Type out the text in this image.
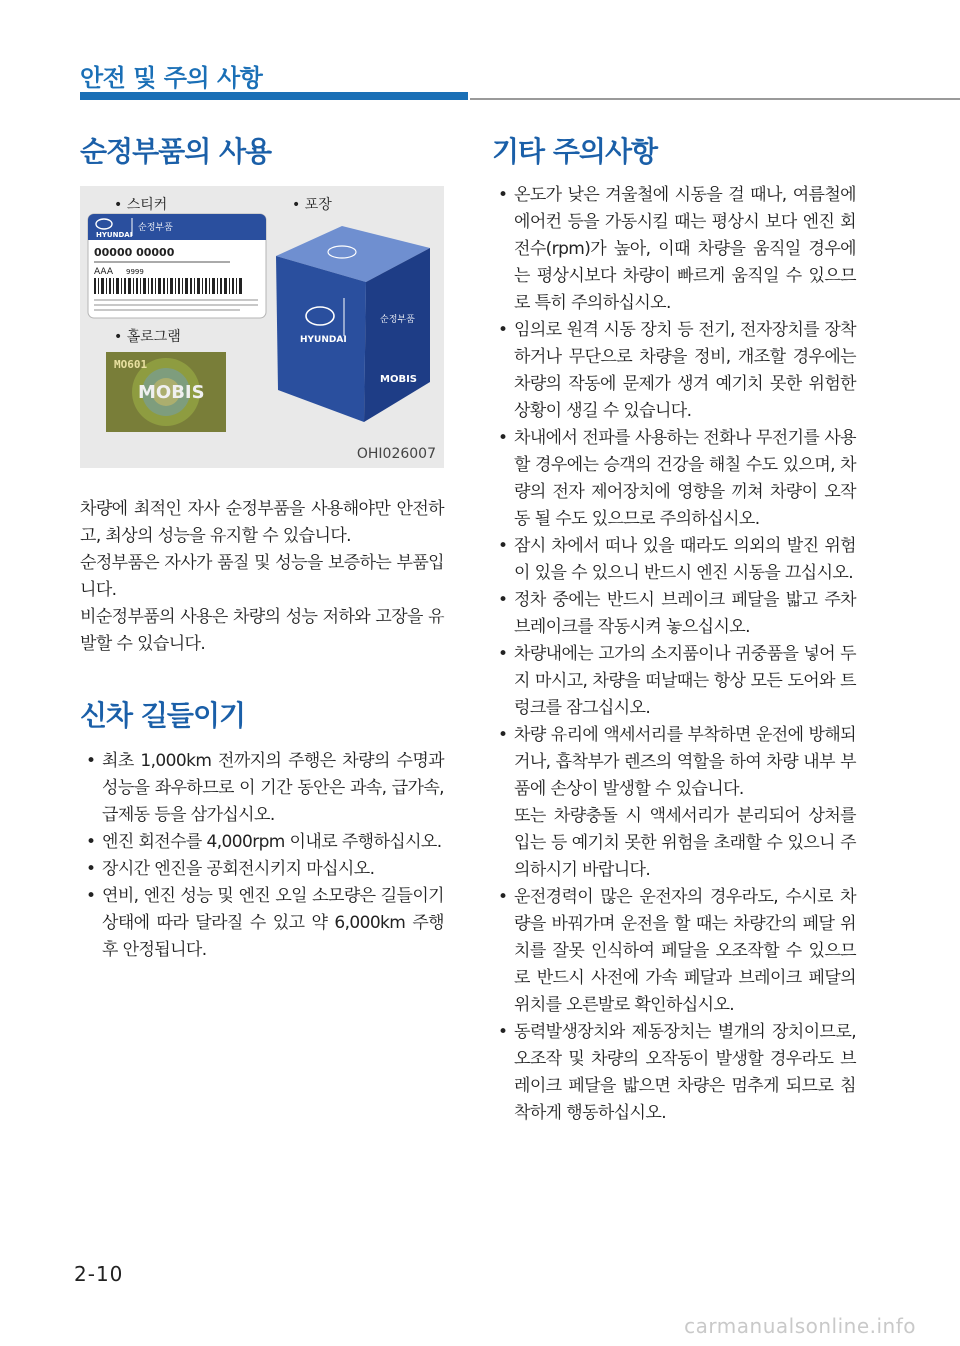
안전 및 주의 사항
순정부품의 사용
• 스티커	• 포장
• 홀로그램
HYUNDAI
순정부품
00000 00000
AAA 9999
HYUNDAI
순정부품
MOBIS
MO601
MOBIS
OHI026007

차량에 최적인 자사 순정부품을 사용해야만 안전하고, 최상의 성능을 유지할 수 있습니다.

순정부품은 자사가 품질 및 성능을 보증하는 부품입니다.

비순정부품의 사용은 차량의 성능 저하와 고장을 유발할 수 있습니다.

신차 길들이기
• 최초 1,000km 전까지의 주행은 차량의 수명과 성능을 좌우하므로 이 기간 동안은 과속, 급가속, 급제동 등을 삼가십시오.
• 엔진 회전수를 4,000rpm 이내로 주행하십시오.
• 장시간 엔진을 공회전시키지 마십시오.
• 연비, 엔진 성능 및 엔진 오일 소모량은 길들이기 상태에 따라 달라질 수 있고 약 6,000km 주행 후 안정됩니다.
기타 주의사항
• 온도가 낮은 겨울철에 시동을 걸 때나, 여름철에 에어컨 등을 가동시킬 때는 평상시 보다 엔진 회전수(rpm)가 높아, 이때 차량을 움직일 경우에는 평상시보다 차량이 빠르게 움직일 수 있으므로 특히 주의하십시오.
• 임의로 원격 시동 장치 등 전기, 전자장치를 장착하거나 무단으로 차량을 정비, 개조할 경우에는 차량의 작동에 문제가 생겨 예기치 못한 위험한 상황이 생길 수 있습니다.
• 차내에서 전파를 사용하는 전화나 무전기를 사용할 경우에는 승객의 건강을 해칠 수도 있으며, 차량의 전자 제어장치에 영향을 끼쳐 차량이 오작동 될 수도 있으므로 주의하십시오.
• 잠시 차에서 떠나 있을 때라도 의외의 발진 위험이 있을 수 있으니 반드시 엔진 시동을 끄십시오.
• 정차 중에는 반드시 브레이크 페달을 밟고 주차 브레이크를 작동시켜 놓으십시오.
• 차량내에는 고가의 소지품이나 귀중품을 넣어 두지 마시고, 차량을 떠날때는 항상 모든 도어와 트렁크를 잠그십시오.
• 차량 유리에 액세서리를 부착하면 운전에 방해되거나, 흡착부가 렌즈의 역할을 하여 차량 내부 부품에 손상이 발생할 수 있습니다.
또는 차량충돌 시 액세서리가 분리되어 상처를 입는 등 예기치 못한 위험을 초래할 수 있으니 주의하시기 바랍니다.
• 운전경력이 많은 운전자의 경우라도, 수시로 차량을 바꿔가며 운전을 할 때는 차량간의 페달 위치를 잘못 인식하여 페달을 오조작할 수 있으므로 반드시 사전에 가속 페달과 브레이크 페달의 위치를 오른발로 확인하십시오.
• 동력발생장치와 제동장치는 별개의 장치이므로, 오조작 및 차량의 오작동이 발생할 경우라도 브레이크 페달을 밟으면 차량은 멈추게 되므로 침착하게 행동하십시오.
2-10
carmanualsonline.info
